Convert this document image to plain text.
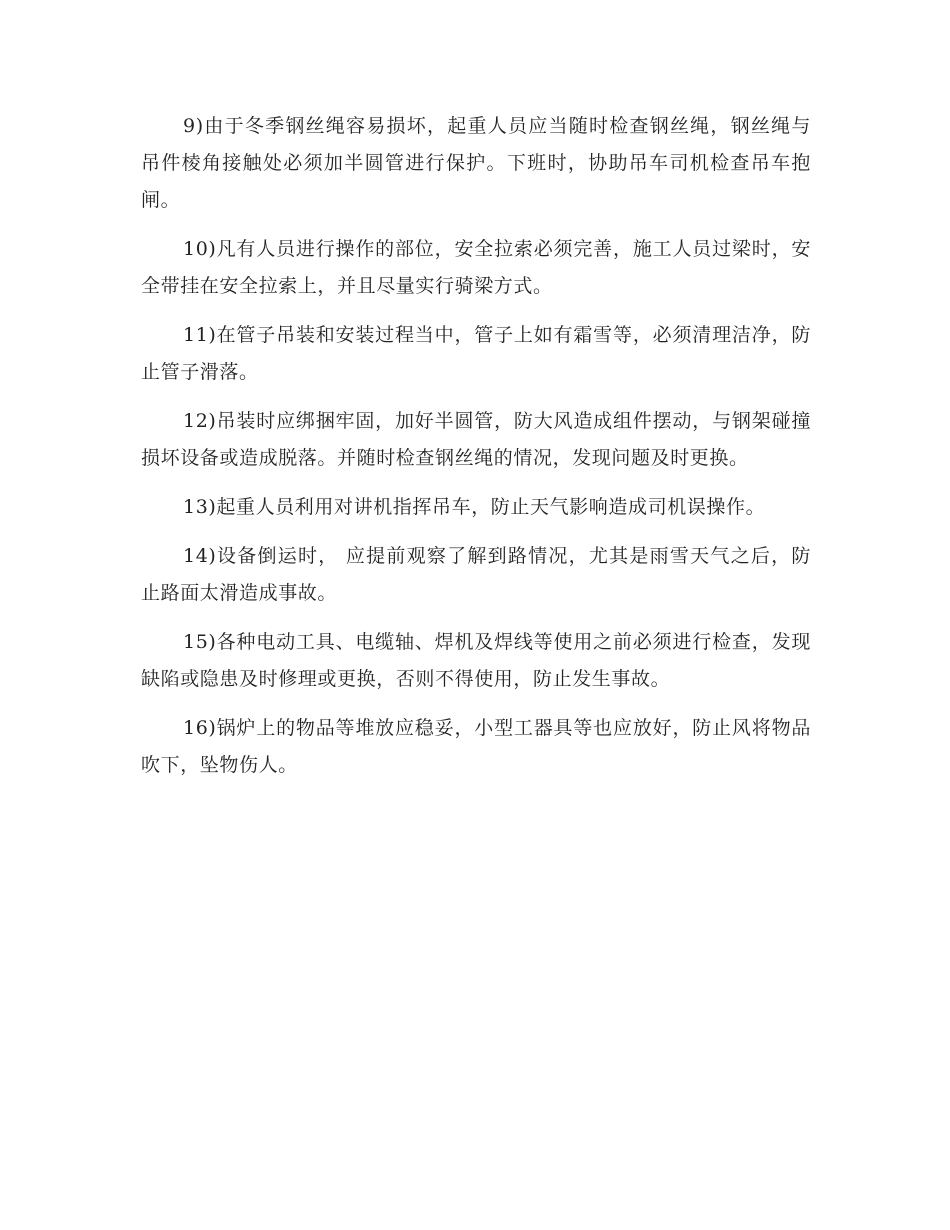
9)由于冬季钢丝绳容易损坏，起重人员应当随时检查钢丝绳，钢丝绳与吊件棱角接触处必须加半圆管进行保护。下班时，协助吊车司机检查吊车抱闸。

10)凡有人员进行操作的部位，安全拉索必须完善，施工人员过梁时，安全带挂在安全拉索上，并且尽量实行骑梁方式。

11)在管子吊装和安装过程当中，管子上如有霜雪等，必须清理洁净，防止管子滑落。

12)吊装时应绑捆牢固，加好半圆管，防大风造成组件摆动，与钢架碰撞损坏设备或造成脱落。并随时检查钢丝绳的情况，发现问题及时更换。

13)起重人员利用对讲机指挥吊车，防止天气影响造成司机误操作。

14)设备倒运时， 应提前观察了解到路情况，尤其是雨雪天气之后，防止路面太滑造成事故。

15)各种电动工具、电缆轴、焊机及焊线等使用之前必须进行检查，发现缺陷或隐患及时修理或更换，否则不得使用，防止发生事故。

16)锅炉上的物品等堆放应稳妥，小型工器具等也应放好，防止风将物品吹下，坠物伤人。
